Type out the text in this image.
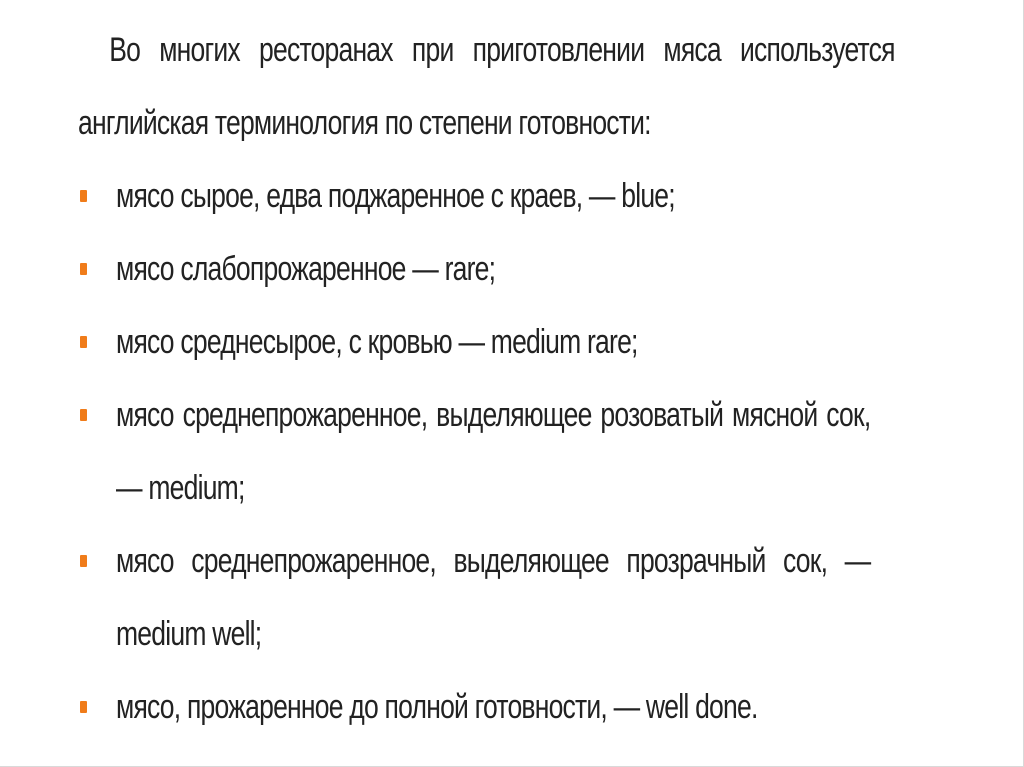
Во многих ресторанах при приготовлении мяса используется английская терминология по степени готовности:

мясо сырое, едва поджаренное с краев, — blue;
мясо слабопрожаренное — rare;
мясо среднесырое, с кровью — medium rare;
мясо среднепрожаренное, выделяющее розоватый мясной сок, — medium;
мясо среднепрожаренное, выделяющее прозрачный сок, — medium well;
мясо, прожаренное до полной готовности, — well done.
